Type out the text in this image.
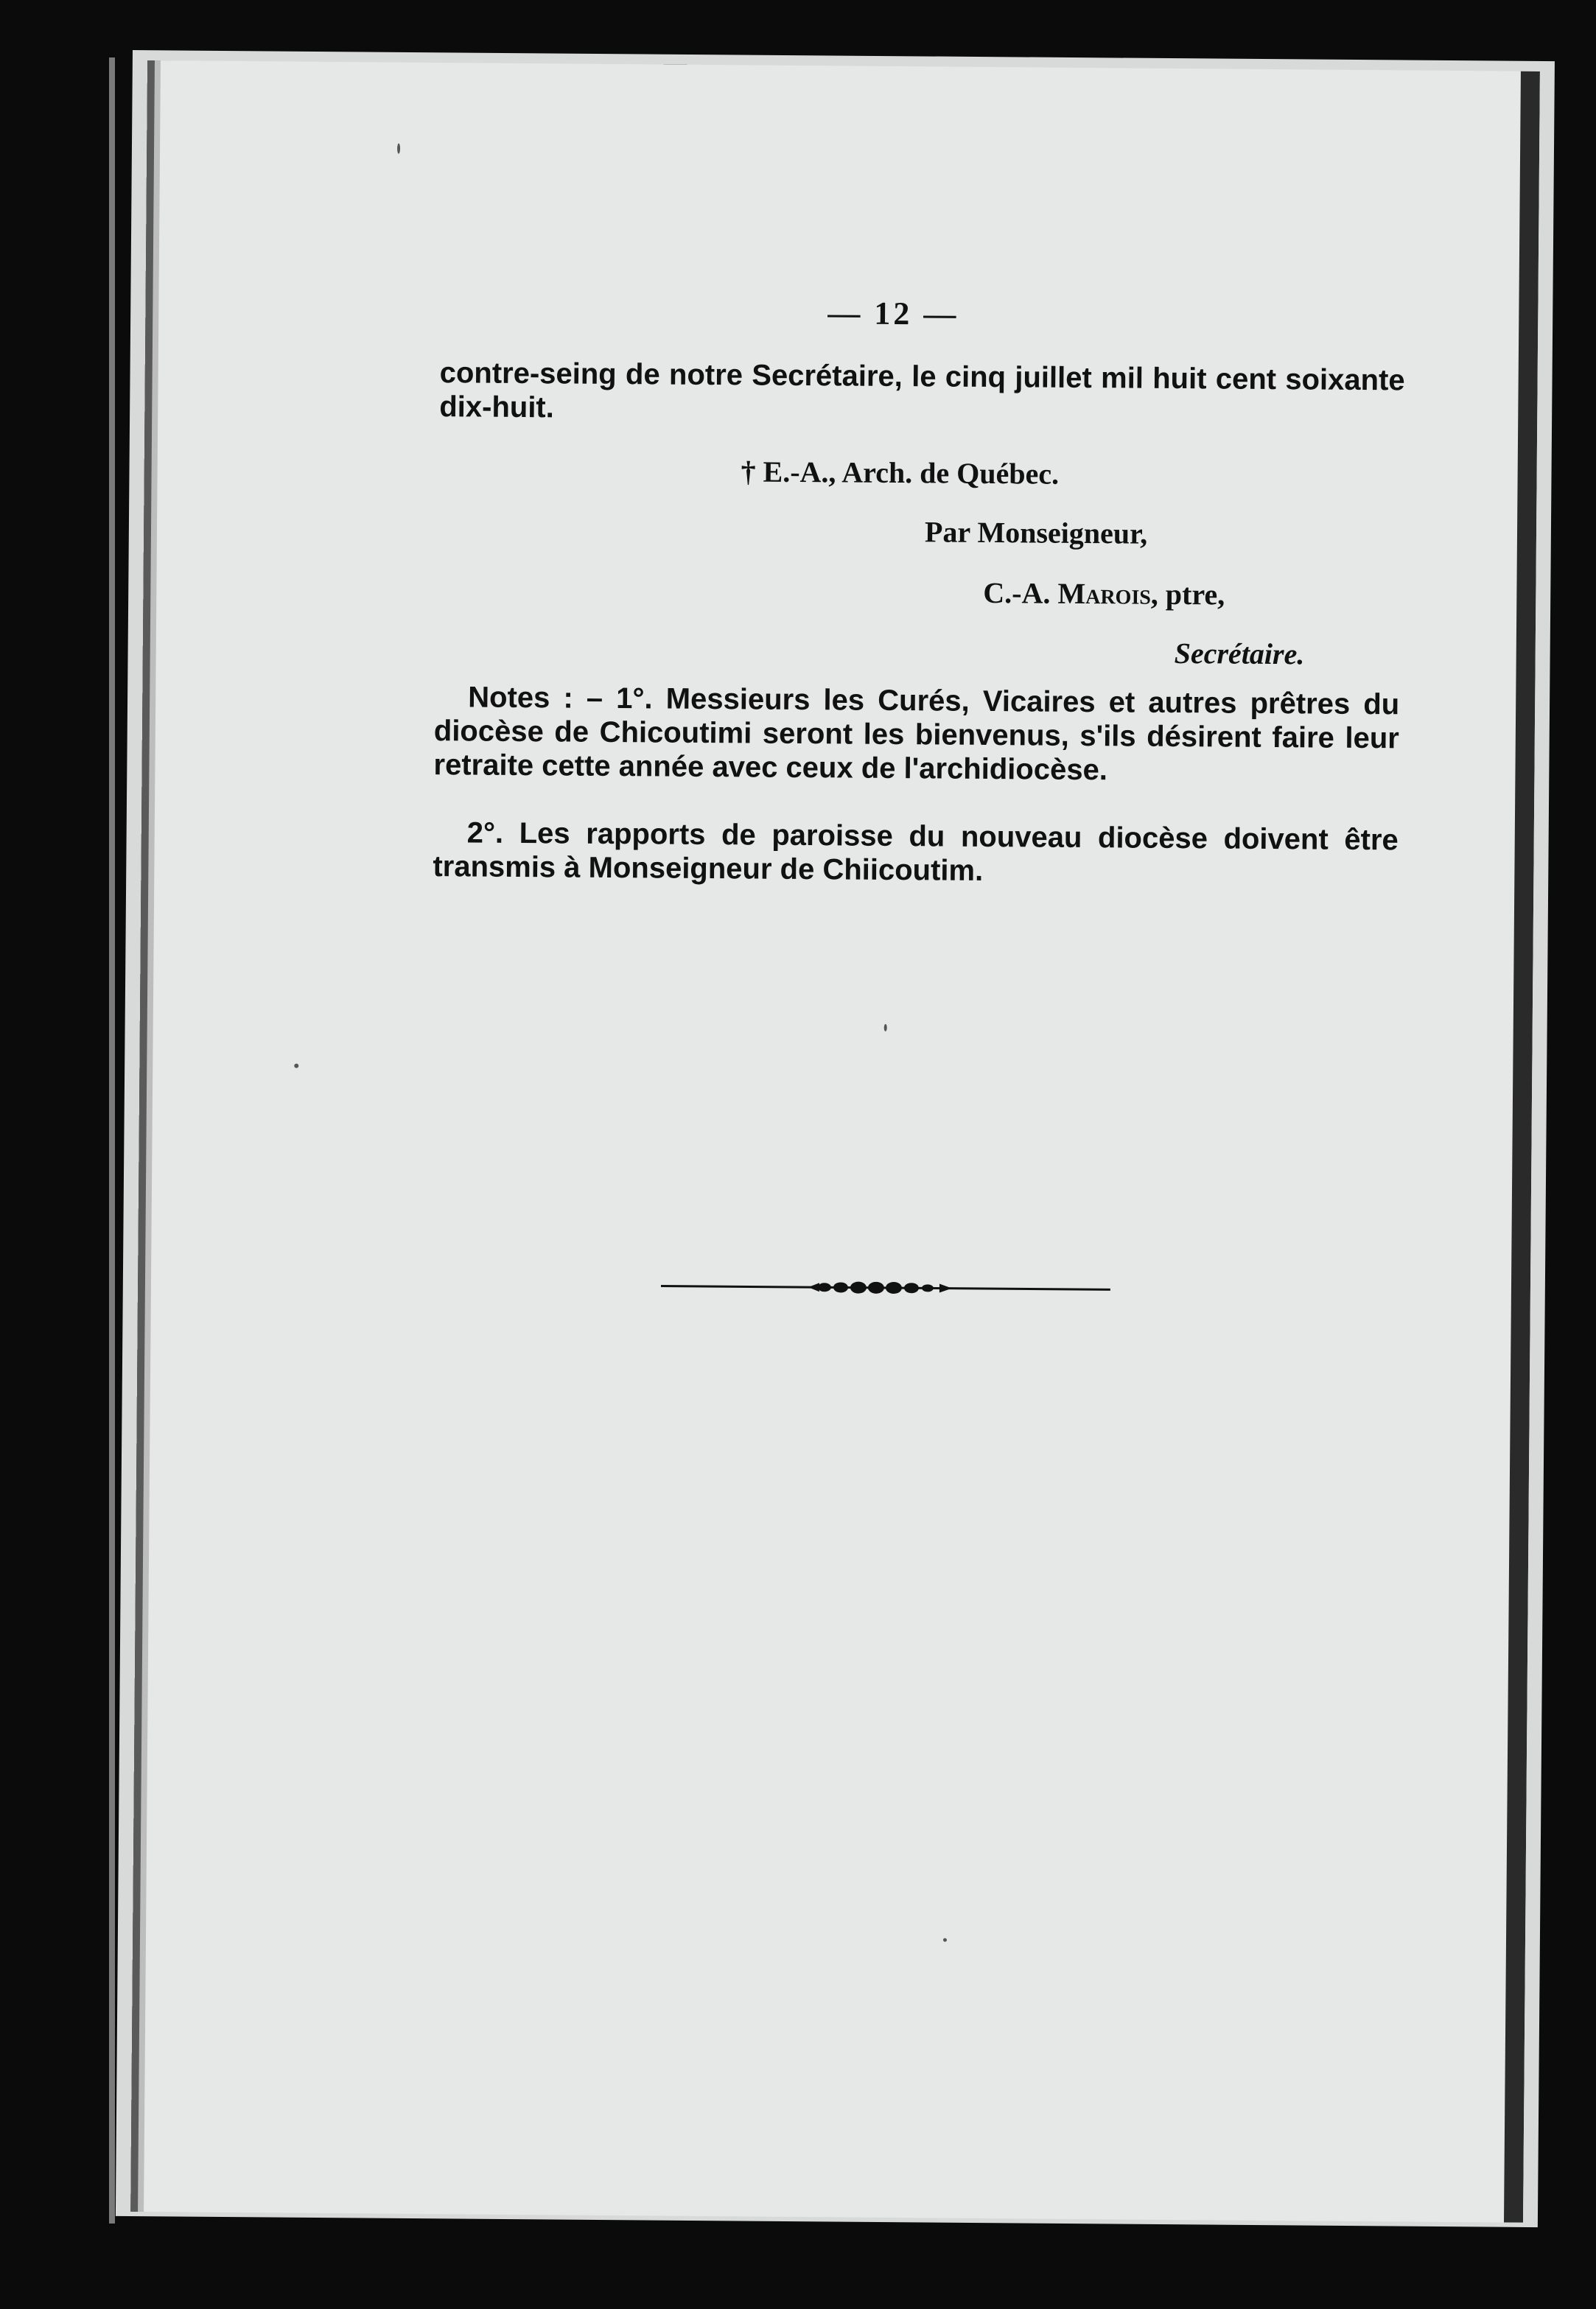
— 12 —
contre-seing de notre Secrétaire, le cinq juillet mil huit cent soixante dix-huit.
† E.-A., Arch. de Québec.
Par Monseigneur,
C.-A. Marois, ptre,
Secrétaire.
Notes : – 1°. Messieurs les Curés, Vicaires et autres prêtres du diocèse de Chicoutimi seront les bienvenus, s'ils désirent faire leur retraite cette année avec ceux de l'archidiocèse.
2°. Les rapports de paroisse du nouveau diocèse doivent être transmis à Monseigneur de Chiicoutim.
